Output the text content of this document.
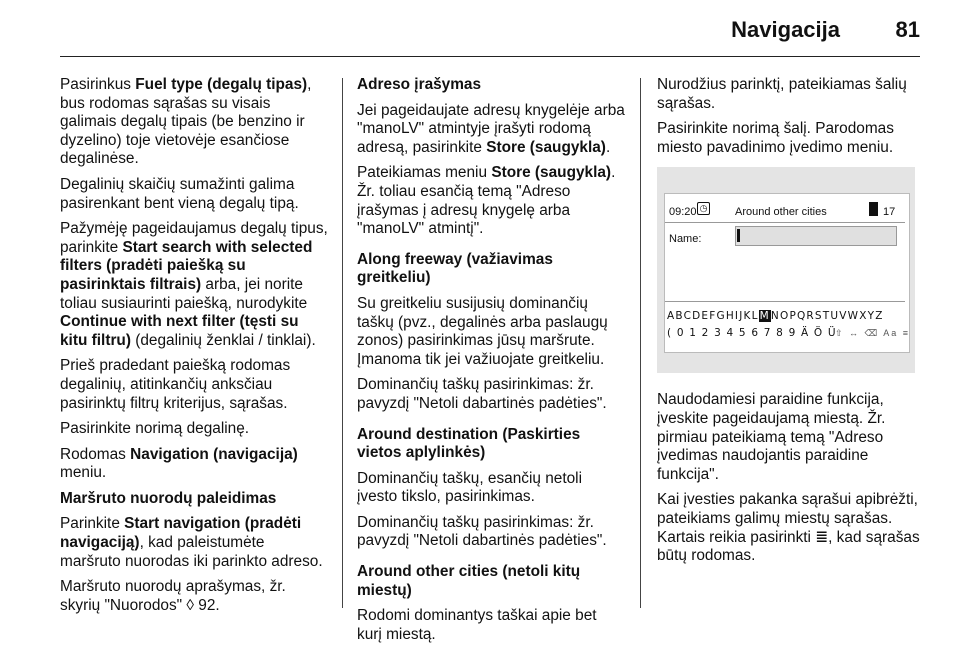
Navigacija	81

Pasirinkus Fuel type (degalų tipas), bus rodomas sąrašas su visais galimais degalų tipais (be benzino ir dyzelino) toje vietovėje esančiose degalinėse.

Degalinių skaičių sumažinti galima pasirenkant bent vieną degalų tipą.

Pažymėję pageidaujamus degalų tipus, parinkite Start search with selected filters (pradėti paiešką su pasirinktais filtrais) arba, jei norite toliau susiaurinti paiešką, nurodykite Continue with next filter (tęsti su kitu filtru) (degalinių ženklai / tinklai).

Prieš pradedant paiešką rodomas degalinių, atitinkančių anksčiau pasirinktų filtrų kriterijus, sąrašas.

Pasirinkite norimą degalinę.

Rodomas Navigation (navigacija) meniu.

Maršruto nuorodų paleidimas

Parinkite Start navigation (pradėti navigaciją), kad paleistumėte maršruto nuorodas iki parinkto adreso.

Maršruto nuorodų aprašymas, žr. skyrių "Nuorodos" ◊ 92.

Adreso įrašymas

Jei pageidaujate adresų knygelėje arba "manoLV" atmintyje įrašyti rodomą adresą, pasirinkite Store (saugykla).

Pateikiamas meniu Store (saugykla). Žr. toliau esančią temą "Adreso įrašymas į adresų knygelę arba "manoLV" atmintį".

Along freeway (važiavimas greitkeliu)

Su greitkeliu susijusių dominančių taškų (pvz., degalinės arba paslaugų zonos) pasirinkimas jūsų maršrute. Įmanoma tik jei važiuojate greitkeliu.

Dominančių taškų pasirinkimas: žr. pavyzdį "Netoli dabartinės padėties".

Around destination (Paskirties vietos aplylinkės)

Dominančių taškų, esančių netoli įvesto tikslo, pasirinkimas.

Dominančių taškų pasirinkimas: žr. pavyzdį "Netoli dabartinės padėties".

Around other cities (netoli kitų miestų)

Rodomi dominantys taškai apie bet kurį miestą.

Nurodžius parinktį, pateikiamas šalių sąrašas.

Pasirinkite norimą šalį. Parodomas miesto pavadinimo įvedimo meniu.

09:20 ◷	Around other cities	17
Name:
ABCDEFGHIJKLMNOPQRSTUVWXYZ
( 0 1 2 3 4 5 6 7 8 9 Ä Ö Ü
⇧ ↔ ⌫ Aa ≡

Naudodamiesi paraidine funkcija, įveskite pageidaujamą miestą. Žr. pirmiau pateikiamą temą "Adreso įvedimas naudojantis paraidine funkcija".

Kai įvesties pakanka sąrašui apibrėžti, pateikiams galimų miestų sąrašas. Kartais reikia pasirinkti ≣, kad sąrašas būtų rodomas.
